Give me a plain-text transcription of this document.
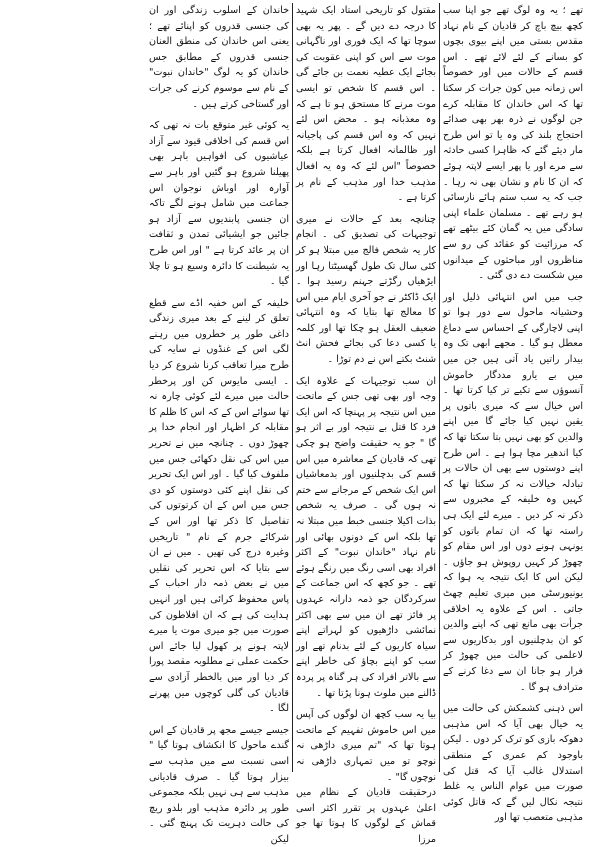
تھے ؛ یہ وہ لوگ تھے جو اپنا سب کچھ بیچ باچ کر قادیان کے نام نہاد مقدس بستی میں اپنے بیوی بچوں کو بسانے کے لئے لائے تھے ۔ اس قسم کے حالات میں اور خصوصاً اس زمانہ میں کون جرات کر سکتا تھا کہ اس خاندان کا مقابلہ کرے جن لوگوں نے ذرہ بھر بھی صدائے احتجاج بلند کی وہ یا تو اس طرح مار دیئے گئے کہ ظاہرا کسی حادثہ سے مرے اور یا پھر ایسے لاپتہ ہوئے کہ ان کا نام و نشان بھی نہ رہا ۔ جب کہ یہ سب ستم ہائے نارسائی ہو رہے تھے ۔ مسلمان علماء اپنی سادگی میں یہ گمان کئے بیٹھے تھے کہ مرزائیت کو عقائد کی رو سے مناظروں اور مباحثوں کے میدانوں میں شکست دے دی گئی ۔

جب میں اس انتہائی ذلیل اور وحشیانہ ماحول سے دور ہوا تو اپنی لاچارگی کے احساس سے دماغ معطل ہو گیا ۔ مجھے ابھی تک وہ بیدار راتیں یاد آتی ہیں جن میں میں بے یارو مددگار خاموش آنسوؤں سے تکیے تر کیا کرتا تھا ۔ اس خیال سے کہ میری باتوں پر یقین نہیں کیا جائے گا میں اپنے والدین کو بھی نہیں بتا سکتا تھا کہ کیا اندھیر مچا ہوا ہے ۔ اس طرح اپنے دوستوں سے بھی ان حالات پر تبادلہ خیالات نہ کر سکتا تھا کہ کہیں وہ خلیفہ کے مخبروں سے ذکر نہ کر دیں ۔ میرے لئے ایک ہی راستہ تھا کہ ان تمام باتوں کو یونہی ہونے دوں اور اس مقام کو چھوڑ کر کہیں روپوش ہو جاؤں ۔ لیکن اس کا ایک نتیجہ یہ ہوا کہ یونیورسٹی میں میری تعلیم چھٹ جاتی ۔ اس کے علاوہ یہ اخلاقی جرأت بھی مانع تھی کہ اپنے والدین کو ان بدچلنیوں اور بدکاریوں سے لاعلمی کی حالت میں چھوڑ کر فرار ہو جانا ان سے دغا کرنے کے مترادف ہو گا ۔

اس ذہنی کشمکش کی حالت میں یہ خیال بھی آیا کہ اس مذہبی دھوکہ بازی کو ترک کر دوں ۔ لیکن باوجود کم عمری کے منطقی استدلال غالب آیا کہ قتل کی صورت میں عوام الناس یہ غلط نتیجہ نکال لیں گے کہ قاتل کوئی مذہبی متعصب تھا اور

مقتول کو تاریخی استاد ایک شہید کا درجہ دے دیں گے ۔ پھر یہ بھی سوچا تھا کہ ایک فوری اور ناگہانی موت سے اس کو اپنی عقوبت کی بجائے ایک عطیہ نعمت بن جائے گی ۔ اس قسم کا شخص تو ایسی موت مرنے کا مستحق ہو تا ہے کہ وہ معذبانہ ہو ۔ محض اس لئے نہیں کہ وہ اس قسم کی پاجیانہ اور ظالمانہ افعال کرتا ہے بلکہ خصوصاً "اس لئے کہ وہ یہ افعال مذہب خدا اور مذہب کے نام پر کرتا ہے ۔

چنانچہ بعد کے حالات نے میری توجیہات کی تصدیق کی ۔ انجام کار یہ شخص فالج میں مبتلا ہو کر کئی سال تک طول گھسیٹتا رہا اور ایڑھیاں رگڑتے جہنم رسید ہوا ۔ ایک ڈاکٹر نے جو آخری ایام میں اس کا معالج تھا بتایا کہ وہ انتہائی ضعیف العقل ہو چکا تھا اور کلمہ یا کسی دعا کی بجائے فحش انٹ شنٹ بکتے اس نے دم توڑا ۔

ان سب توجیہات کے علاوہ ایک وجہ اور بھی تھی جس کے ماتحت میں اس نتیجہ پر پہنچا کہ اس ایک فرد کا قتل بے نتیجہ اور بے اثر ہو گا " جو یہ حقیقت واضح ہو چکی تھی کہ قادیان کے معاشرہ میں اس قسم کی بدچلنیوں اور بدمعاشیاں اس ایک شخص کے مرجانے سے ختم نہ ہوں گی ۔ صرف یہ شخص بذات اکیلا جنسی خبط میں مبتلا نہ تھا بلکہ اس کے دونوں بھائی اور نام نہاد "خاندان نبوت" کے اکثر افراد بھی اسی رنگ میں رنگے ہوئے تھے ۔ جو کچھ کہ اس جماعت کے سرکردگان جو ذمہ دارانہ عہدوں پر فائز تھے ان میں سے بھی اکثر نمائشی داڑھیوں کو لہراتے اپنے سیاہ کاریوں کے لئے بدنام تھے اور سب کو اپنے بچاؤ کی خاطر اپنے سے بالاتر افراد کی ہر گناہ پر پردہ ڈالنے میں ملوث ہونا پڑتا تھا ۔

بیا یہ سب کچھ ان لوگوں کی آپس میں اس خاموش تفہیم کے ماتحت ہوتا تھا کہ "تم میری داڑھی نہ نوچو تو میں تمہاری داڑھی نہ نوچوں گا" ۔

درحقیقت قادیان کے نظام میں اعلیٰ عہدوں پر تقرر اکثر اسی قماش کے لوگوں کا ہوتا تھا جو مرزا

خاندان کے اسلوب زندگی اور ان کی جنسی قدروں کو اپنائے تھے ؛ یعنی اس خاندان کی منطق العنان جنسی قدروں کے مطابق جس خاندان کو یہ لوگ "خاندان نبوت" کے نام سے موسوم کرنے کی جرات اور گستاخی کرتے ہیں ۔

یہ کوئی غیر متوقع بات نہ تھی کہ اس قسم کی اخلاقی قیود سے آزاد عیاشیوں کی افواہیں باہر بھی پھیلنا شروع ہو گئیں اور باہر سے آوارہ اور اوباش نوجوان اس جماعت میں شامل ہونے لگے تاکہ ان جنسی پابندیوں سے آزاد ہو جائیں جو ایشیائی تمدن و ثقافت ان پر عائد کرتا ہے " اور اس طرح یہ شیطنت کا دائرہ وسیع ہو تا چلا گیا ۔

خلیفہ کے اس خفیہ اڈے سے قطع تعلق کر لینے کے بعد میری زندگی داغی طور پر خطروں میں رہنے لگی اس کے غنڈوں نے سایہ کی طرح میرا تعاقب کرنا شروع کر دیا ۔ ایسی مایوس کن اور پرخطر حالت میں میرے لئے کوئی چارہ نہ تھا سوائے اس کے کہ اس کا ظلم کا مقابلہ کر اظہار اور انجام خدا پر چھوڑ دوں ۔ چنانچہ میں نے تحریر میں اس کی نقل دکھائی جس میں ملفوف کیا گیا ۔ اور اس ایک تحریر کی نقل اپنے کئی دوستوں کو دی جس میں اس کے ان کرتوتوں کی تفاصیل کا ذکر تھا اور اس کے شرکائے جرم کے نام " تاریخیں وغیرہ درج کی تھیں ۔ میں نے ان سے بتایا کہ اس تحریر کی نقلیں میں نے بعض ذمہ دار احباب کے پاس محفوظ کرائی ہیں اور انہیں ہدایت کی ہے کہ ان افلاطون کی صورت میں جو میری موت یا میرے لاپتہ ہونے پر کھول لیا جائے اس حکمت عملی نے مطلوبہ مقصد پورا کر دیا اور میں بالخطر آزادی سے قادیان کی گلی کوچوں میں پھرنے لگا ۔

جیسے جیسے مجھ پر قادیان کے اس گندے ماحول کا انکشاف ہوتا گیا " اسی نسبت سے میں مذہب سے بیزار ہوتا گیا ۔ صرف قادیانی مذہب سے ہی نہیں بلکہ مجموعی طور پر دائرہ مذہب اور بلدو ریچ کی حالت دہریت تک پہنچ گئی ۔ لیکن
